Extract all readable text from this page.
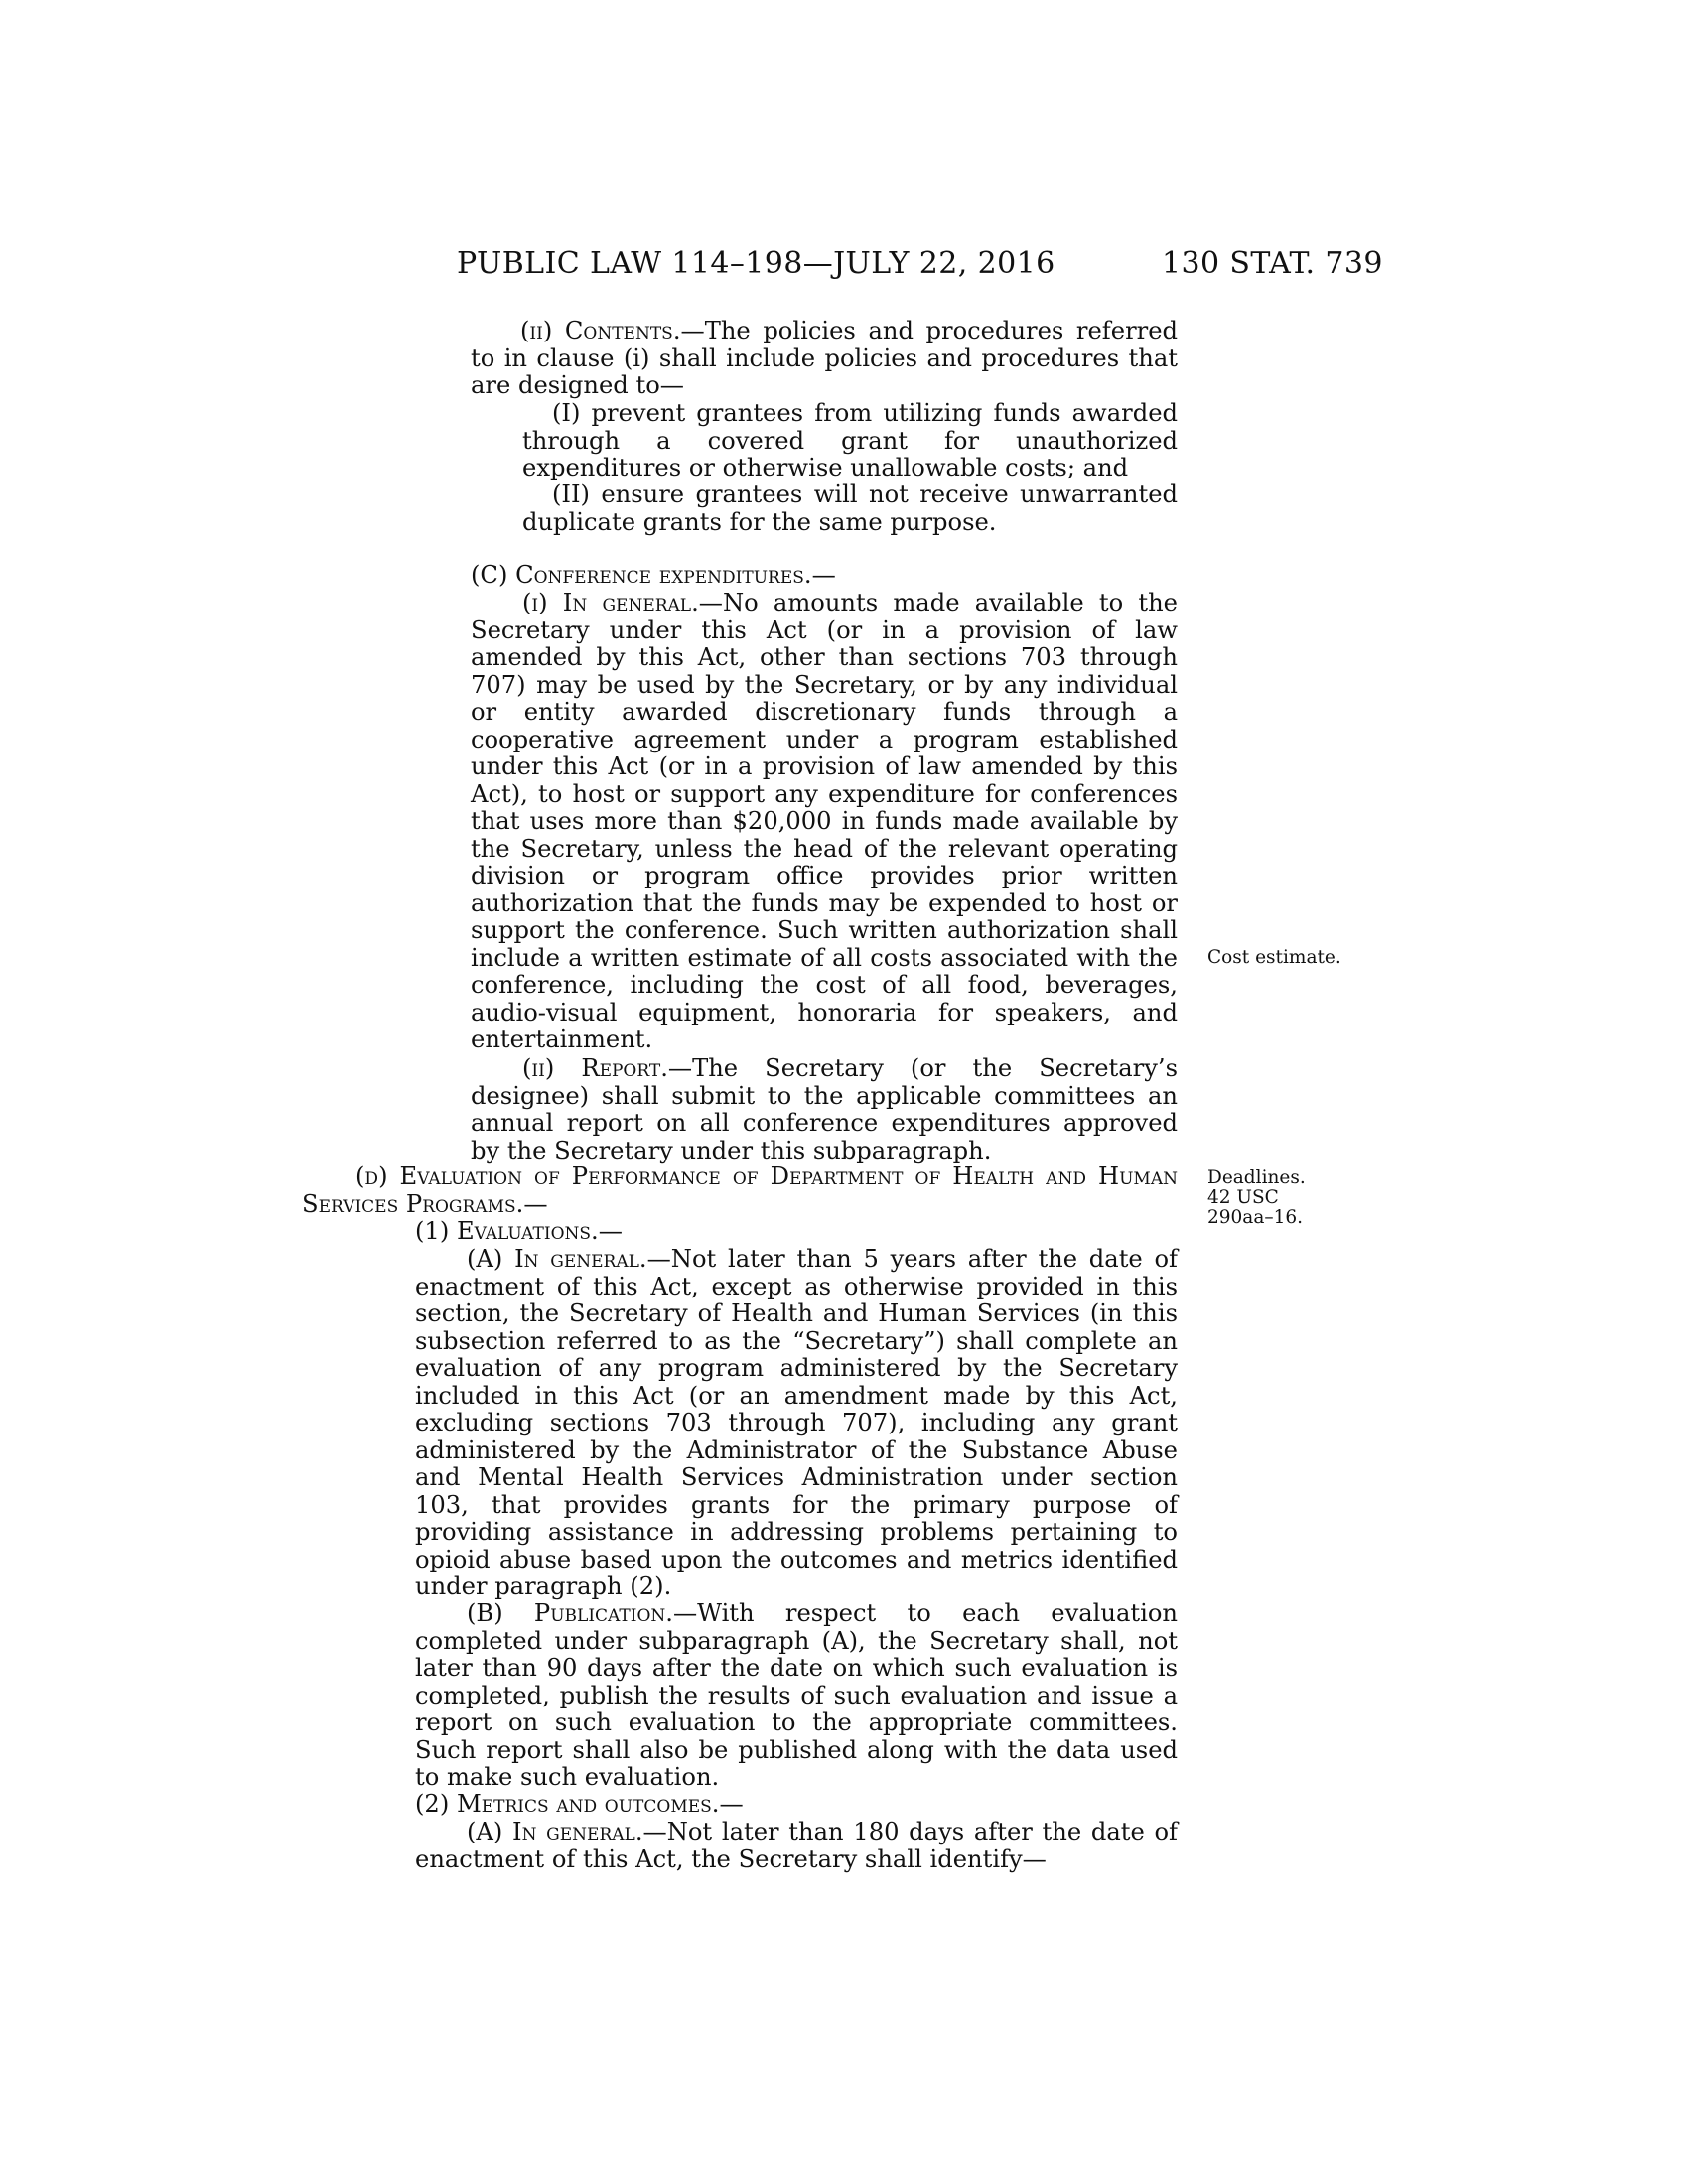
PUBLIC LAW 114–198—JULY 22, 2016	130 STAT. 739
(ii) Contents.—The policies and procedures referred to in clause (i) shall include policies and procedures that are designed to—
(I) prevent grantees from utilizing funds awarded through a covered grant for unauthorized expenditures or otherwise unallowable costs; and
(II) ensure grantees will not receive unwarranted duplicate grants for the same purpose.
(C) Conference expenditures.—
(i) In general.—No amounts made available to the Secretary under this Act (or in a provision of law amended by this Act, other than sections 703 through 707) may be used by the Secretary, or by any individual or entity awarded discretionary funds through a cooperative agreement under a program established under this Act (or in a provision of law amended by this Act), to host or support any expenditure for conferences that uses more than $20,000 in funds made available by the Secretary, unless the head of the relevant operating division or program office provides prior written authorization that the funds may be expended to host or support the conference. Such written authorization shall include a written estimate of all costs associated with the conference, including the cost of all food, beverages, audio-visual equipment, honoraria for speakers, and entertainment.
Cost estimate.
(ii) Report.—The Secretary (or the Secretary’s designee) shall submit to the applicable committees an annual report on all conference expenditures approved by the Secretary under this subparagraph.
(d) Evaluation of Performance of Department of Health and Human Services Programs.—
Deadlines.
42 USC
290aa–16.
(1) Evaluations.—
(A) In general.—Not later than 5 years after the date of enactment of this Act, except as otherwise provided in this section, the Secretary of Health and Human Services (in this subsection referred to as the “Secretary”) shall complete an evaluation of any program administered by the Secretary included in this Act (or an amendment made by this Act, excluding sections 703 through 707), including any grant administered by the Administrator of the Substance Abuse and Mental Health Services Administration under section 103, that provides grants for the primary purpose of providing assistance in addressing problems pertaining to opioid abuse based upon the outcomes and metrics identified under paragraph (2).
(B) Publication.—With respect to each evaluation completed under subparagraph (A), the Secretary shall, not later than 90 days after the date on which such evaluation is completed, publish the results of such evaluation and issue a report on such evaluation to the appropriate committees. Such report shall also be published along with the data used to make such evaluation.
(2) Metrics and outcomes.—
(A) In general.—Not later than 180 days after the date of enactment of this Act, the Secretary shall identify—
